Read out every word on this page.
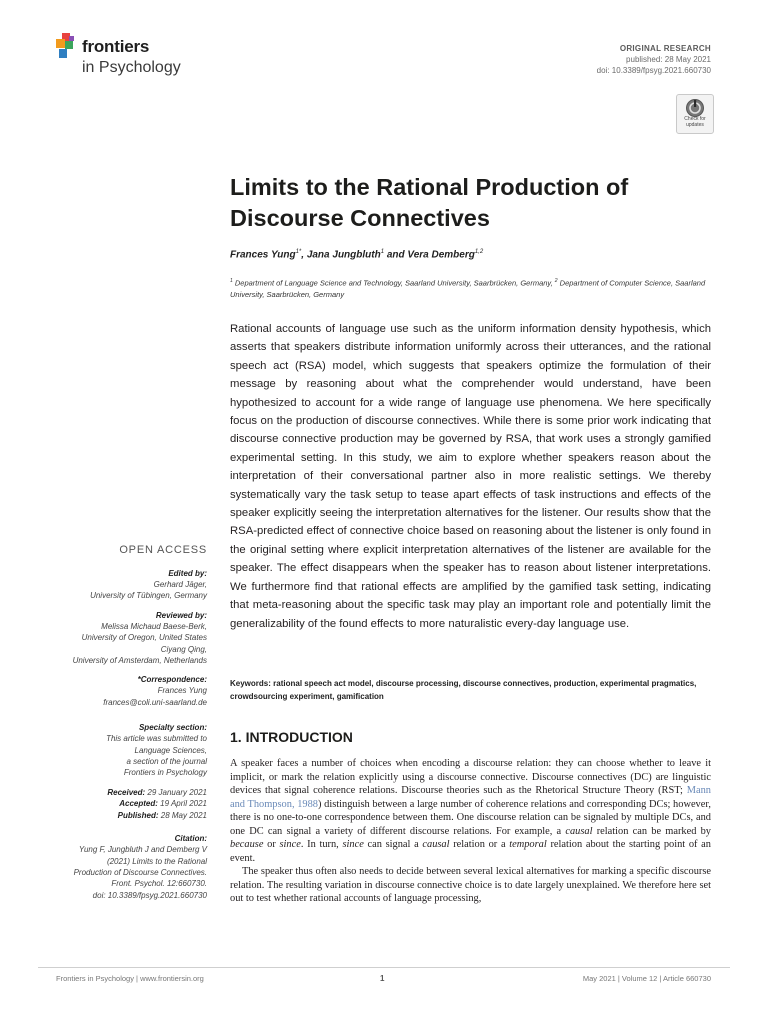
frontiers
in Psychology
ORIGINAL RESEARCH
published: 28 May 2021
doi: 10.3389/fpsyg.2021.660730
Check for updates
Limits to the Rational Production of Discourse Connectives
Frances Yung$^{1*}$, Jana Jungbluth$^1$ and Vera Demberg$^{1,2}$
$^1$ Department of Language Science and Technology, Saarland University, Saarbrücken, Germany, $^2$ Department of Computer Science, Saarland University, Saarbrücken, Germany
Rational accounts of language use such as the uniform information density hypothesis, which asserts that speakers distribute information uniformly across their utterances, and the rational speech act (RSA) model, which suggests that speakers optimize the formulation of their message by reasoning about what the comprehender would understand, have been hypothesized to account for a wide range of language use phenomena. We here specifically focus on the production of discourse connectives. While there is some prior work indicating that discourse connective production may be governed by RSA, that work uses a strongly gamified experimental setting. In this study, we aim to explore whether speakers reason about the interpretation of their conversational partner also in more realistic settings. We thereby systematically vary the task setup to tease apart effects of task instructions and effects of the speaker explicitly seeing the interpretation alternatives for the listener. Our results show that the RSA-predicted effect of connective choice based on reasoning about the listener is only found in the original setting where explicit interpretation alternatives of the listener are available for the speaker. The effect disappears when the speaker has to reason about listener interpretations. We furthermore find that rational effects are amplified by the gamified task setting, indicating that meta-reasoning about the specific task may play an important role and potentially limit the generalizability of the found effects to more naturalistic every-day language use.
Keywords: rational speech act model, discourse processing, discourse connectives, production, experimental pragmatics, crowdsourcing experiment, gamification
1. INTRODUCTION

A speaker faces a number of choices when encoding a discourse relation: they can choose whether to leave it implicit, or mark the relation explicitly using a discourse connective. Discourse connectives (DC) are linguistic devices that signal coherence relations. Discourse theories such as the Rhetorical Structure Theory (RST; Mann and Thompson, 1988) distinguish between a large number of coherence relations and corresponding DCs; however, there is no one-to-one correspondence between them. One discourse relation can be signaled by multiple DCs, and one DC can signal a variety of different discourse relations. For example, a causal relation can be marked by because or since. In turn, since can signal a causal relation or a temporal relation about the starting point of an event.

The speaker thus often also needs to decide between several lexical alternatives for marking a specific discourse relation. The resulting variation in discourse connective choice is to date largely unexplained. We therefore here set out to test whether rational accounts of language processing,

OPEN ACCESS
Edited by:
Gerhard Jäger,
University of Tübingen, Germany
Reviewed by:
Melissa Michaud Baese-Berk,
University of Oregon, United States
Ciyang Qing,
University of Amsterdam, Netherlands
*Correspondence:
Frances Yung
frances@coli.uni-saarland.de
Specialty section:
This article was submitted to
Language Sciences,
a section of the journal
Frontiers in Psychology
Received: 29 January 2021
Accepted: 19 April 2021
Published: 28 May 2021
Citation:
Yung F, Jungbluth J and Demberg V
(2021) Limits to the Rational
Production of Discourse Connectives.
Front. Psychol. 12:660730.
doi: 10.3389/fpsyg.2021.660730
Frontiers in Psychology | www.frontiersin.org	1	May 2021 | Volume 12 | Article 660730
